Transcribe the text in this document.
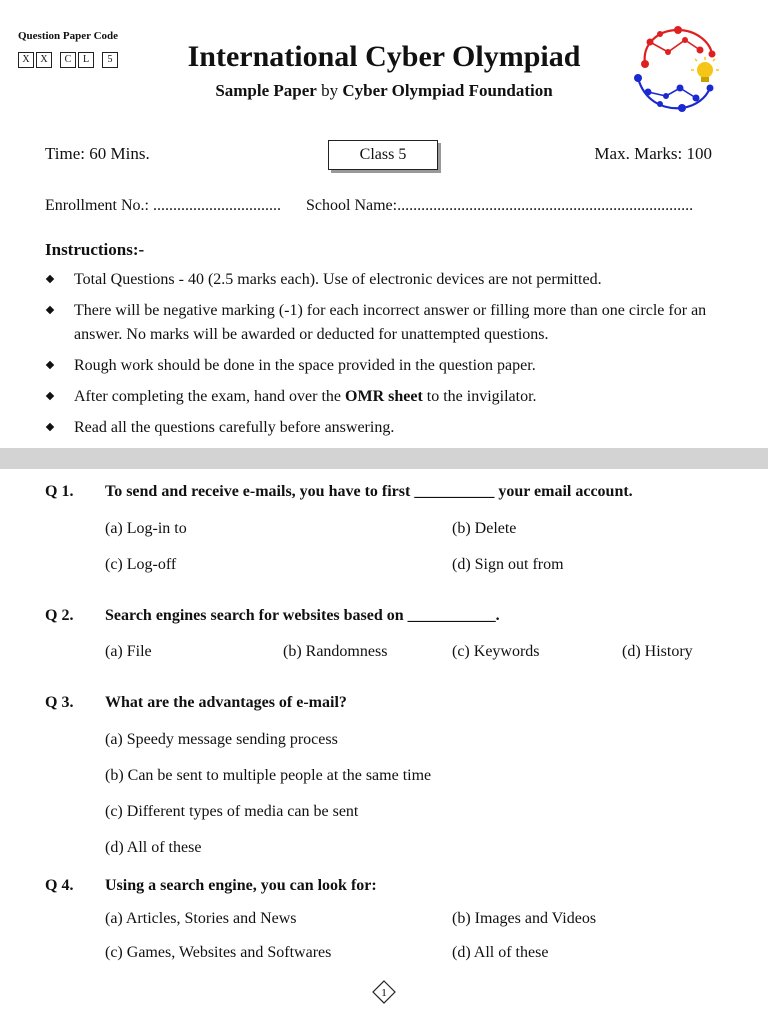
Question Paper Code
X	X	C	L	5	International Cyber Olympiad
Sample Paper by Cyber Olympiad Foundation
Time: 60 Mins.	Class 5	Max. Marks: 100
Enrollment No.: ................................ School Name:..........................................................................
Instructions:-
Total Questions - 40 (2.5 marks each). Use of electronic devices are not permitted.
There will be negative marking (-1) for each incorrect answer or filling more than one circle for an answer. No marks will be awarded or deducted for unattempted questions.
Rough work should be done in the space provided in the question paper.
After completing the exam, hand over the OMR sheet to the invigilator.
Read all the questions carefully before answering.
Q 1. To send and receive e-mails, you have to first __________ your email account.
(a) Log-in to	(b) Delete
(c) Log-off	(d) Sign out from
Q 2. Search engines search for websites based on ___________.
(a) File	(b) Randomness	(c) Keywords	(d) History
Q 3. What are the advantages of e-mail?
(a) Speedy message sending process
(b) Can be sent to multiple people at the same time
(c) Different types of media can be sent
(d) All of these
Q 4. Using a search engine, you can look for:
(a) Articles, Stories and News	(b) Images and Videos
(c) Games, Websites and Softwares	(d) All of these
1
